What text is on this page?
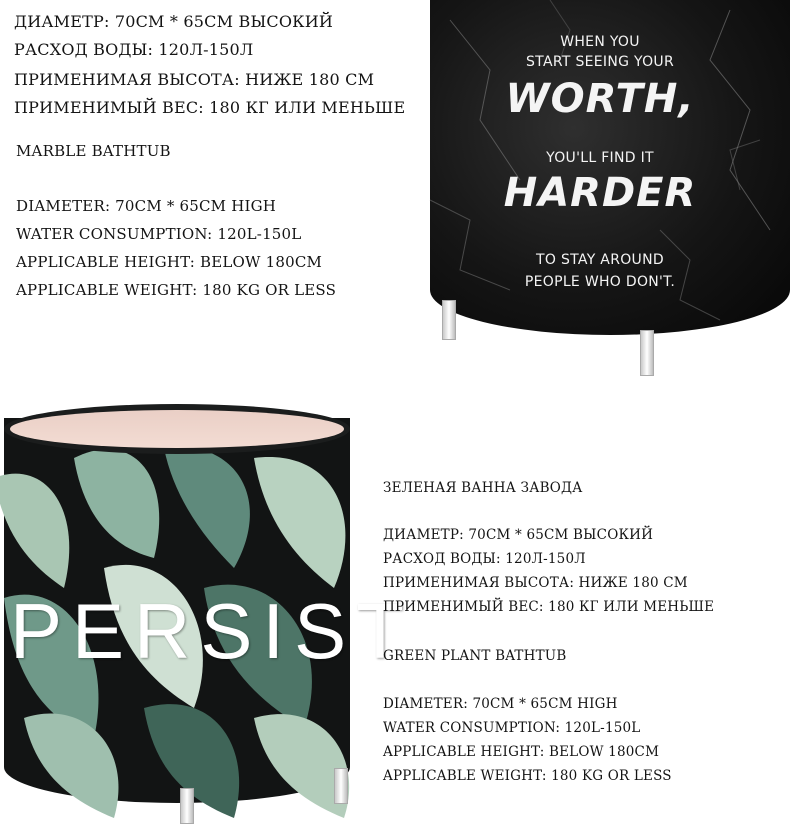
ДИАМЕТР: 70СМ * 65СМ ВЫСОКИЙ
РАСХОД ВОДЫ: 120Л-150Л
ПРИМЕНИМАЯ ВЫСОТА: НИЖЕ 180 СМ
ПРИМЕНИМЫЙ ВЕС: 180 КГ ИЛИ МЕНЬШЕ
MARBLE BATHTUB
DIAMETER: 70CM * 65CM HIGH
WATER CONSUMPTION: 120L-150L
APPLICABLE HEIGHT: BELOW 180CM
APPLICABLE WEIGHT: 180 KG OR LESS
WHEN YOU
START SEEING YOUR
WORTH,
YOU'LL FIND IT
HARDER
TO STAY AROUND
PEOPLE WHO DON'T.
PERSIST
ЗЕЛЕНАЯ ВАННА ЗАВОДА
ДИАМЕТР: 70СМ * 65СМ ВЫСОКИЙ
РАСХОД ВОДЫ: 120Л-150Л
ПРИМЕНИМАЯ ВЫСОТА: НИЖЕ 180 СМ
ПРИМЕНИМЫЙ ВЕС: 180 КГ ИЛИ МЕНЬШЕ
GREEN PLANT BATHTUB
DIAMETER: 70CM * 65CM HIGH
WATER CONSUMPTION: 120L-150L
APPLICABLE HEIGHT: BELOW 180CM
APPLICABLE WEIGHT: 180 KG OR LESS
